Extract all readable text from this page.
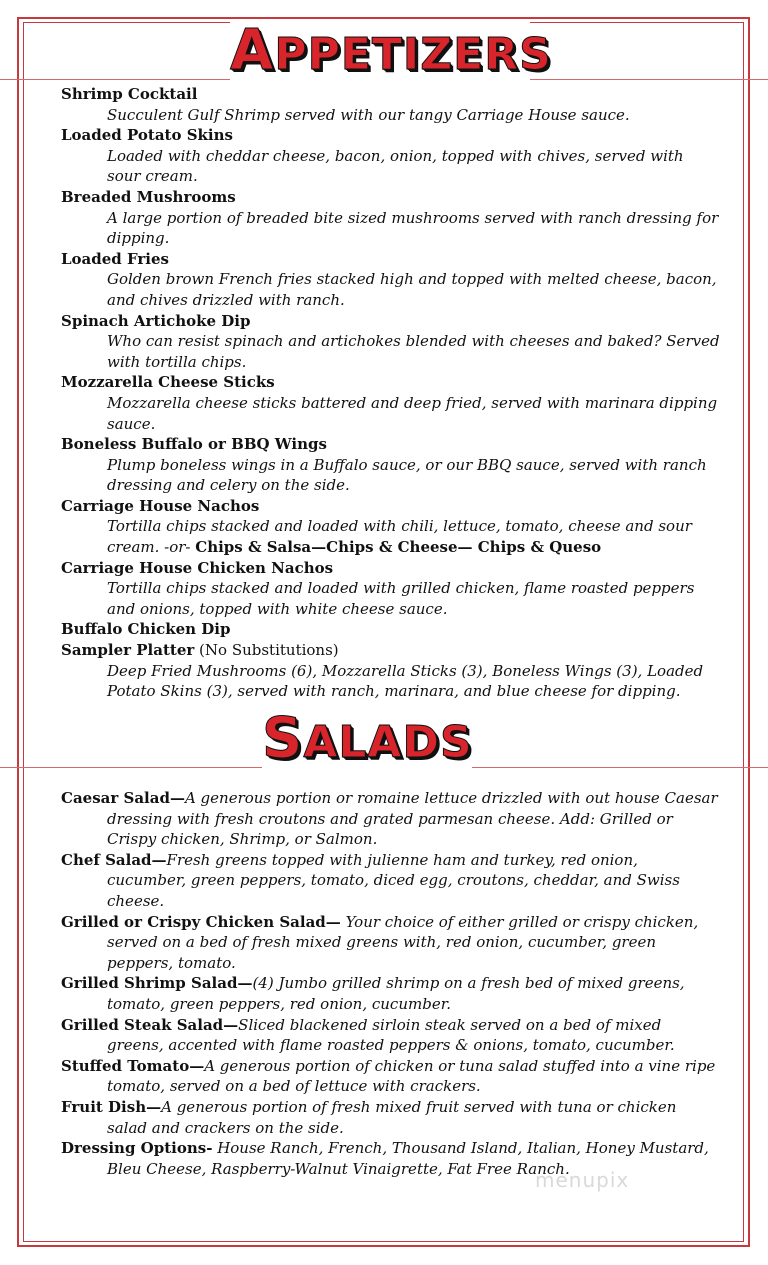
APPETIZERS
Shrimp Cocktail
Succulent Gulf Shrimp served with our tangy Carriage House sauce.
Loaded Potato Skins
Loaded with cheddar cheese, bacon, onion, topped with chives, served with sour cream.
Breaded Mushrooms
A large portion of breaded bite sized mushrooms served with ranch dressing for dipping.
Loaded Fries
Golden brown French fries stacked high and topped with melted cheese, bacon, and chives drizzled with ranch.
Spinach Artichoke Dip
Who can resist spinach and artichokes blended with cheeses and baked? Served with tortilla chips.
Mozzarella Cheese Sticks
Mozzarella cheese sticks battered and deep fried, served with marinara dipping sauce.
Boneless Buffalo or BBQ Wings
Plump boneless wings in a Buffalo sauce, or our BBQ sauce, served with ranch dressing and celery on the side.
Carriage House Nachos
Tortilla chips stacked and loaded with chili, lettuce, tomato, cheese and sour cream. -or- Chips & Salsa—Chips & Cheese— Chips & Queso
Carriage House Chicken Nachos
Tortilla chips stacked and loaded with grilled chicken, flame roasted peppers and onions, topped with white cheese sauce.
Buffalo Chicken Dip
Sampler Platter (No Substitutions)
Deep Fried Mushrooms (6), Mozzarella Sticks (3), Boneless Wings (3), Loaded Potato Skins (3), served with ranch, marinara, and blue cheese for dipping.
SALADS
Caesar Salad—A generous portion or romaine lettuce drizzled with out house Caesar dressing with fresh croutons and grated parmesan cheese. Add: Grilled or Crispy chicken, Shrimp, or Salmon.
Chef Salad—Fresh greens topped with julienne ham and turkey, red onion, cucumber, green peppers, tomato, diced egg, croutons, cheddar, and Swiss cheese.
Grilled or Crispy Chicken Salad— Your choice of either grilled or crispy chicken, served on a bed of fresh mixed greens with, red onion, cucumber, green peppers, tomato.
Grilled Shrimp Salad—(4) Jumbo grilled shrimp on a fresh bed of mixed greens, tomato, green peppers, red onion, cucumber.
Grilled Steak Salad—Sliced blackened sirloin steak served on a bed of mixed greens, accented with flame roasted peppers & onions, tomato, cucumber.
Stuffed Tomato—A generous portion of chicken or tuna salad stuffed into a vine ripe tomato, served on a bed of lettuce with crackers.
Fruit Dish—A generous portion of fresh mixed fruit served with tuna or chicken salad and crackers on the side.
Dressing Options- House Ranch, French, Thousand Island, Italian, Honey Mustard, Bleu Cheese, Raspberry-Walnut Vinaigrette, Fat Free Ranch.
menupix
